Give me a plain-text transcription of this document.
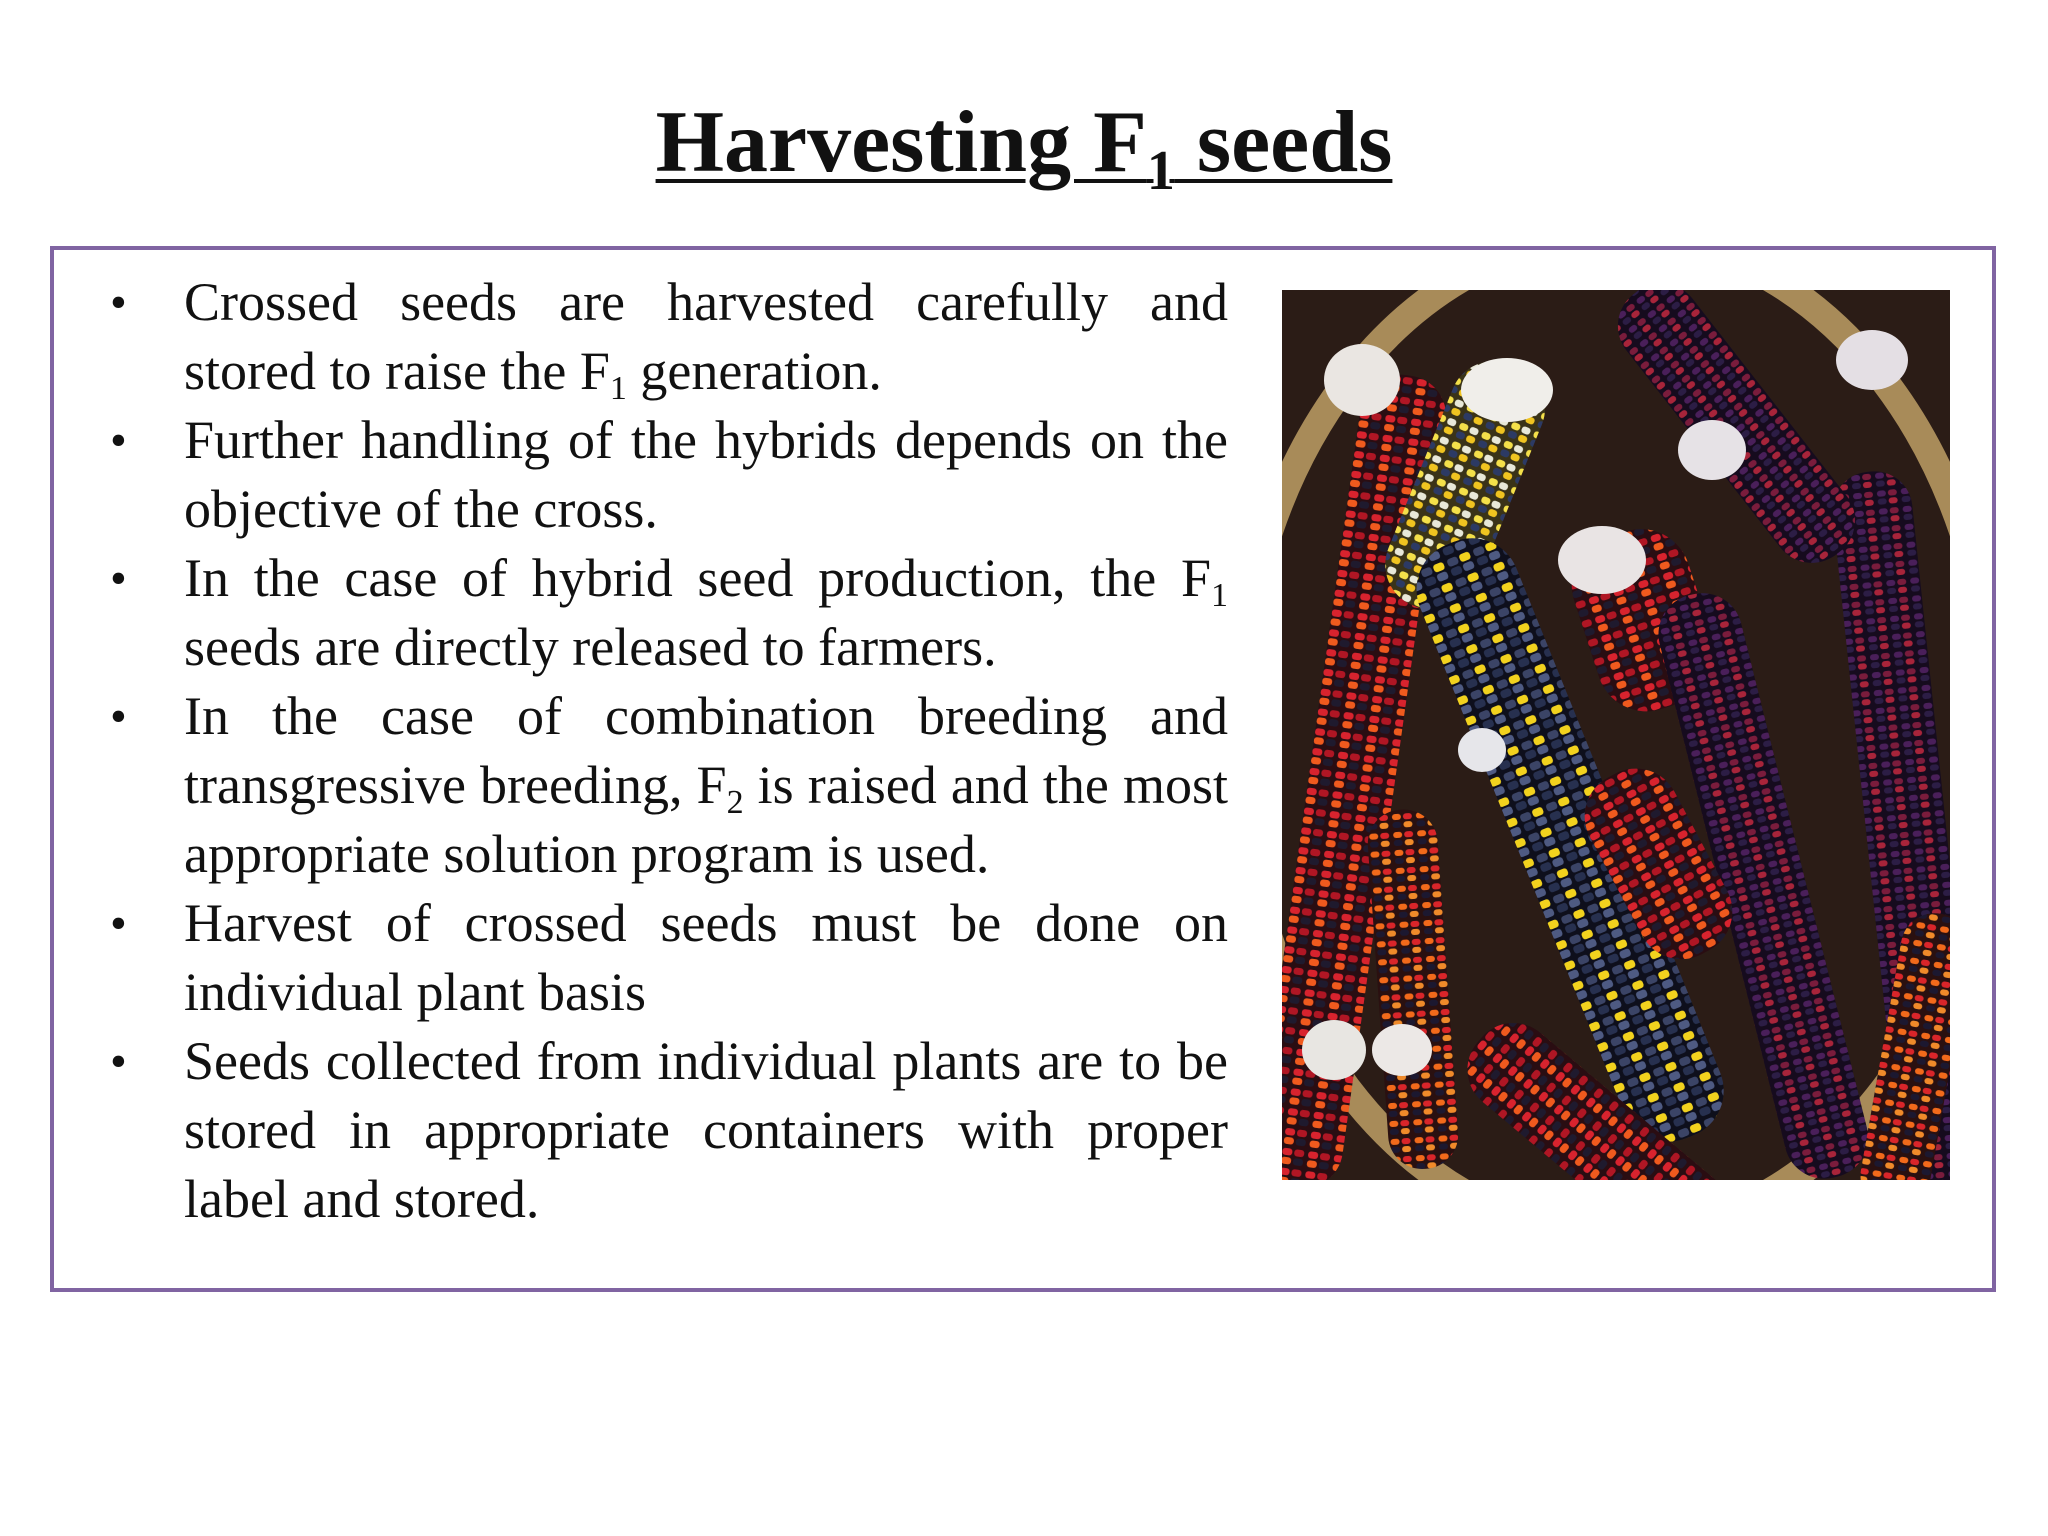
Harvesting $F_1$ seeds
•	Crossed seeds are harvested carefully and stored to raise the $F_1$ generation.
•	Further handling of the hybrids depends on the objective of the cross.
•	In the case of hybrid seed production, the $F_1$ seeds are directly released to farmers.
•	In the case of combination breeding and transgressive breeding, $F_2$ is raised and the most appropriate solution program is used.
•	Harvest of crossed seeds must be done on individual plant basis
•	Seeds collected from individual plants are to be stored in appropriate containers with proper label and stored.
